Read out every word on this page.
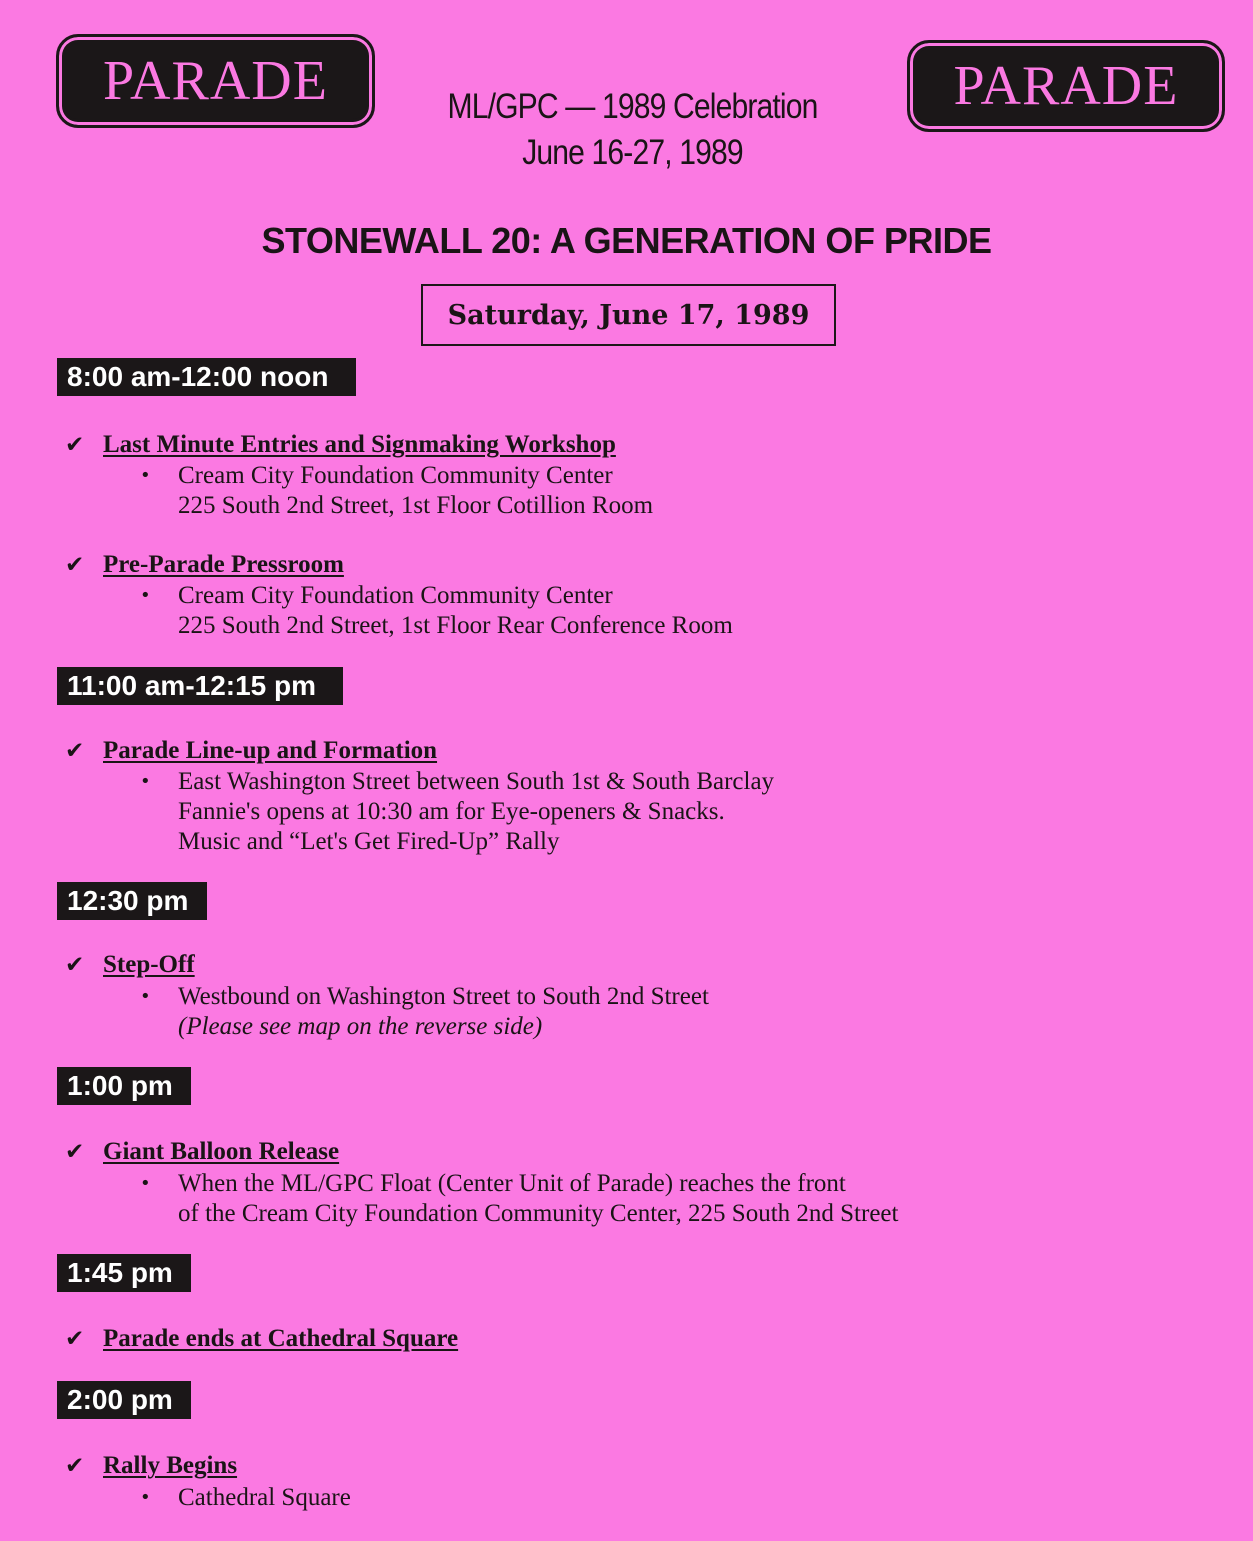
PARADE	PARADE
ML/GPC — 1989 Celebration
June 16-27, 1989
STONEWALL 20: A GENERATION OF PRIDE
Saturday, June 17, 1989
8:00 am-12:00 noon
✔ Last Minute Entries and Signmaking Workshop
• Cream City Foundation Community Center
225 South 2nd Street, 1st Floor Cotillion Room
✔ Pre-Parade Pressroom
• Cream City Foundation Community Center
225 South 2nd Street, 1st Floor Rear Conference Room
11:00 am-12:15 pm
✔ Parade Line-up and Formation
• East Washington Street between South 1st & South Barclay
Fannie's opens at 10:30 am for Eye-openers & Snacks.
Music and “Let's Get Fired-Up” Rally
12:30 pm
✔ Step-Off
• Westbound on Washington Street to South 2nd Street
(Please see map on the reverse side)
1:00 pm
✔ Giant Balloon Release
• When the ML/GPC Float (Center Unit of Parade) reaches the front
of the Cream City Foundation Community Center, 225 South 2nd Street
1:45 pm
✔ Parade ends at Cathedral Square
2:00 pm
✔ Rally Begins
• Cathedral Square
